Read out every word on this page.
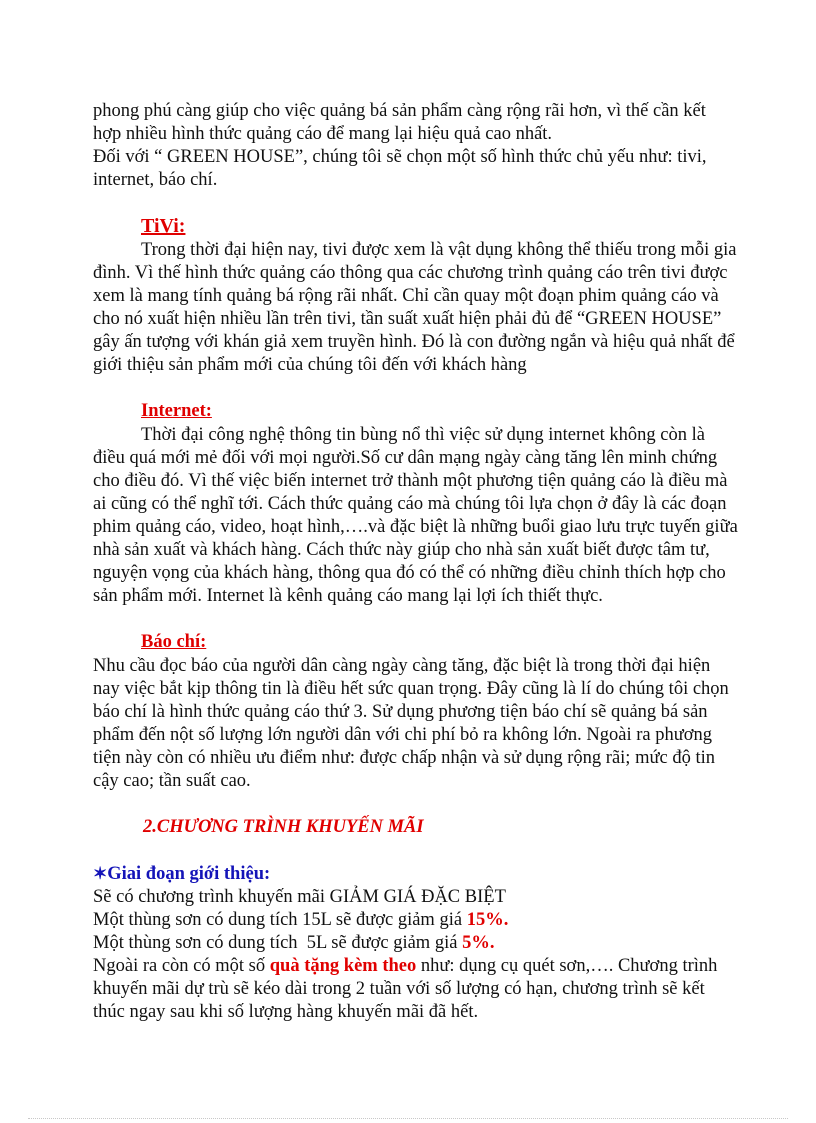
phong phú càng giúp cho việc quảng bá sản phẩm càng rộng rãi hơn, vì thế cần kết
hợp nhiều hình thức quảng cáo để mang lại hiệu quả cao nhất.
Đối với “ GREEN HOUSE”, chúng tôi sẽ chọn một số hình thức chủ yếu như: tivi,
internet, báo chí.
TiVi:
Trong thời đại hiện nay, tivi được xem là vật dụng không thể thiếu trong mỗi gia
đình. Vì thế hình thức quảng cáo thông qua các chương trình quảng cáo trên tivi được
xem là mang tính quảng bá rộng rãi nhất. Chỉ cần quay một đoạn phim quảng cáo và
cho nó xuất hiện nhiều lần trên tivi, tần suất xuất hiện phải đủ để “GREEN HOUSE”
gây ấn tượng với khán giả xem truyền hình. Đó là con đường ngắn và hiệu quả nhất để
giới thiệu sản phẩm mới của chúng tôi đến với khách hàng
Internet:
Thời đại công nghệ thông tin bùng nổ thì việc sử dụng internet không còn là
điều quá mới mẻ đối với mọi người.Số cư dân mạng ngày càng tăng lên minh chứng
cho điều đó. Vì thế việc biến internet trở thành một phương tiện quảng cáo là điều mà
ai cũng có thể nghĩ tới. Cách thức quảng cáo mà chúng tôi lựa chọn ở đây là các đoạn
phim quảng cáo, video, hoạt hình,….và đặc biệt là những buổi giao lưu trực tuyến giữa
nhà sản xuất và khách hàng. Cách thức này giúp cho nhà sản xuất biết được tâm tư,
nguyện vọng của khách hàng, thông qua đó có thể có những điều chỉnh thích hợp cho
sản phẩm mới. Internet là kênh quảng cáo mang lại lợi ích thiết thực.
Báo chí:
Nhu cầu đọc báo của người dân càng ngày càng tăng, đặc biệt là trong thời đại hiện
nay việc bắt kịp thông tin là điều hết sức quan trọng. Đây cũng là lí do chúng tôi chọn
báo chí là hình thức quảng cáo thứ 3. Sử dụng phương tiện báo chí sẽ quảng bá sản
phẩm đến nột số lượng lớn người dân với chi phí bỏ ra không lớn. Ngoài ra phương
tiện này còn có nhiều ưu điểm như: được chấp nhận và sử dụng rộng rãi; mức độ tin
cậy cao; tần suất cao.
2.CHƯƠNG TRÌNH KHUYẾN MÃI
✶Giai đoạn giới thiệu:
Sẽ có chương trình khuyến mãi GIẢM GIÁ ĐẶC BIỆT
Một thùng sơn có dung tích 15L sẽ được giảm giá 15%.
Một thùng sơn có dung tích  5L sẽ được giảm giá 5%.
Ngoài ra còn có một số quà tặng kèm theo như: dụng cụ quét sơn,…. Chương trình
khuyến mãi dự trù sẽ kéo dài trong 2 tuần với số lượng có hạn, chương trình sẽ kết
thúc ngay sau khi số lượng hàng khuyến mãi đã hết.
